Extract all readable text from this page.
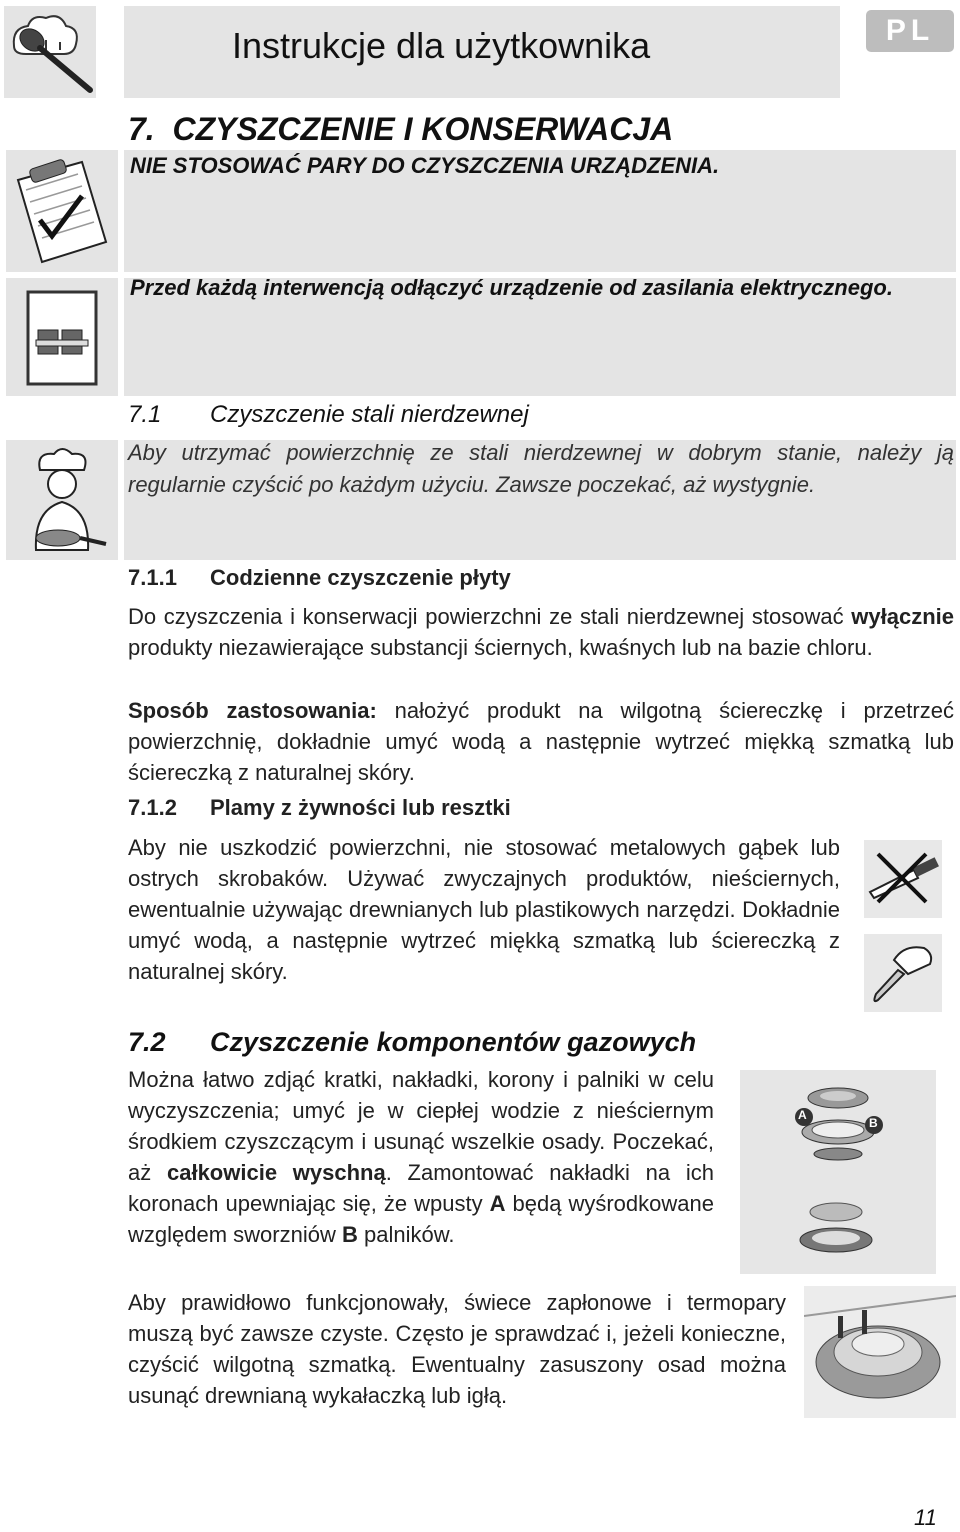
Instrukcje dla użytkownika	PL
7.  CZYSZCZENIE I KONSERWACJA
NIE STOSOWAĆ PARY DO CZYSZCZENIA URZĄDZENIA.
Przed każdą interwencją odłączyć urządzenie od zasilania elektrycznego.
7.1 Czyszczenie stali nierdzewnej
Aby utrzymać powierzchnię ze stali nierdzewnej w dobrym stanie, należy ją regularnie czyścić po każdym użyciu. Zawsze poczekać, aż wystygnie.
7.1.1 Codzienne czyszczenie płyty
Do czyszczenia i konserwacji powierzchni ze stali nierdzewnej stosować wyłącznie produkty niezawierające substancji ściernych, kwaśnych lub na bazie chloru.
Sposób zastosowania: nałożyć produkt na wilgotną ściereczkę i przetrzeć powierzchnię, dokładnie umyć wodą a następnie wytrzeć miękką szmatką lub ściereczką z naturalnej skóry.
7.1.2 Plamy z żywności lub resztki
Aby nie uszkodzić powierzchni, nie stosować metalowych gąbek lub ostrych skrobaków. Używać zwyczajnych produktów, nieściernych, ewentualnie używając drewnianych lub plastikowych narzędzi. Dokładnie umyć wodą, a następnie wytrzeć miękką szmatką lub ściereczką z naturalnej skóry.
7.2 Czyszczenie komponentów gazowych
Można łatwo zdjąć kratki, nakładki, korony i palniki w celu wyczyszczenia; umyć je w ciepłej wodzie z nieściernym środkiem czyszczącym i usunąć wszelkie osady. Poczekać, aż całkowicie wyschną. Zamontować nakładki na ich koronach upewniając się, że wpusty A będą wyśrodkowane względem sworzniów B palników.
A
B
Aby prawidłowo funkcjonowały, świece zapłonowe i termopary muszą być zawsze czyste. Często je sprawdzać i, jeżeli konieczne, czyścić wilgotną szmatką. Ewentualny zasuszony osad można usunąć drewnianą wykałaczką lub igłą.
11
